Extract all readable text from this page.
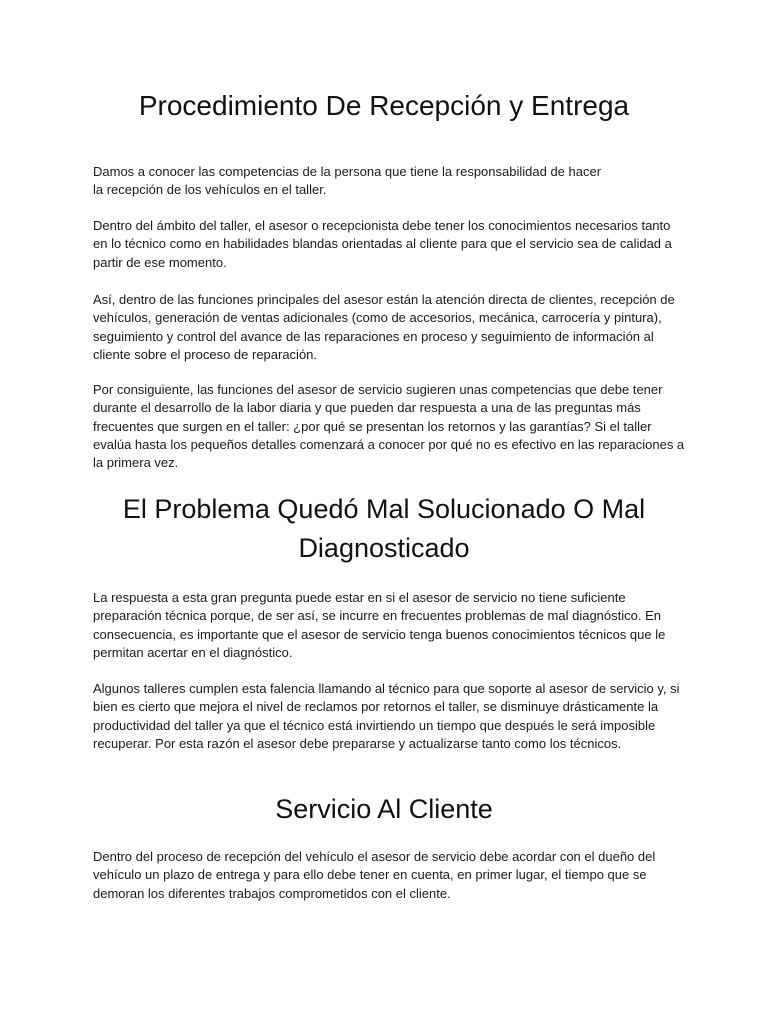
Procedimiento De Recepción y Entrega

Damos a conocer las competencias de la persona que tiene la responsabilidad de hacer la recepción de los vehículos en el taller.

Dentro del ámbito del taller, el asesor o recepcionista debe tener los conocimientos necesarios tanto en lo técnico como en habilidades blandas orientadas al cliente para que el servicio sea de calidad a partir de ese momento.

Así, dentro de las funciones principales del asesor están la atención directa de clientes, recepción de vehículos, generación de ventas adicionales (como de accesorios, mecánica, carrocería y pintura), seguimiento y control del avance de las reparaciones en proceso y seguimiento de información al cliente sobre el proceso de reparación.

Por consiguiente, las funciones del asesor de servicio sugieren unas competencias que debe tener durante el desarrollo de la labor diaria y que pueden dar respuesta a una de las preguntas más frecuentes que surgen en el taller: ¿por qué se presentan los retornos y las garantías? Si el taller evalúa hasta los pequeños detalles comenzará a conocer por qué no es efectivo en las reparaciones a la primera vez.

El Problema Quedó Mal Solucionado O Mal Diagnosticado

La respuesta a esta gran pregunta puede estar en si el asesor de servicio no tiene suficiente preparación técnica porque, de ser así, se incurre en frecuentes problemas de mal diagnóstico. En consecuencia, es importante que el asesor de servicio tenga buenos conocimientos técnicos que le permitan acertar en el diagnóstico.

Algunos talleres cumplen esta falencia llamando al técnico para que soporte al asesor de servicio y, si bien es cierto que mejora el nivel de reclamos por retornos el taller, se disminuye drásticamente la productividad del taller ya que el técnico está invirtiendo un tiempo que después le será imposible recuperar. Por esta razón el asesor debe prepararse y actualizarse tanto como los técnicos.

Servicio Al Cliente

Dentro del proceso de recepción del vehículo el asesor de servicio debe acordar con el dueño del vehículo un plazo de entrega y para ello debe tener en cuenta, en primer lugar, el tiempo que se demoran los diferentes trabajos comprometidos con el cliente.
